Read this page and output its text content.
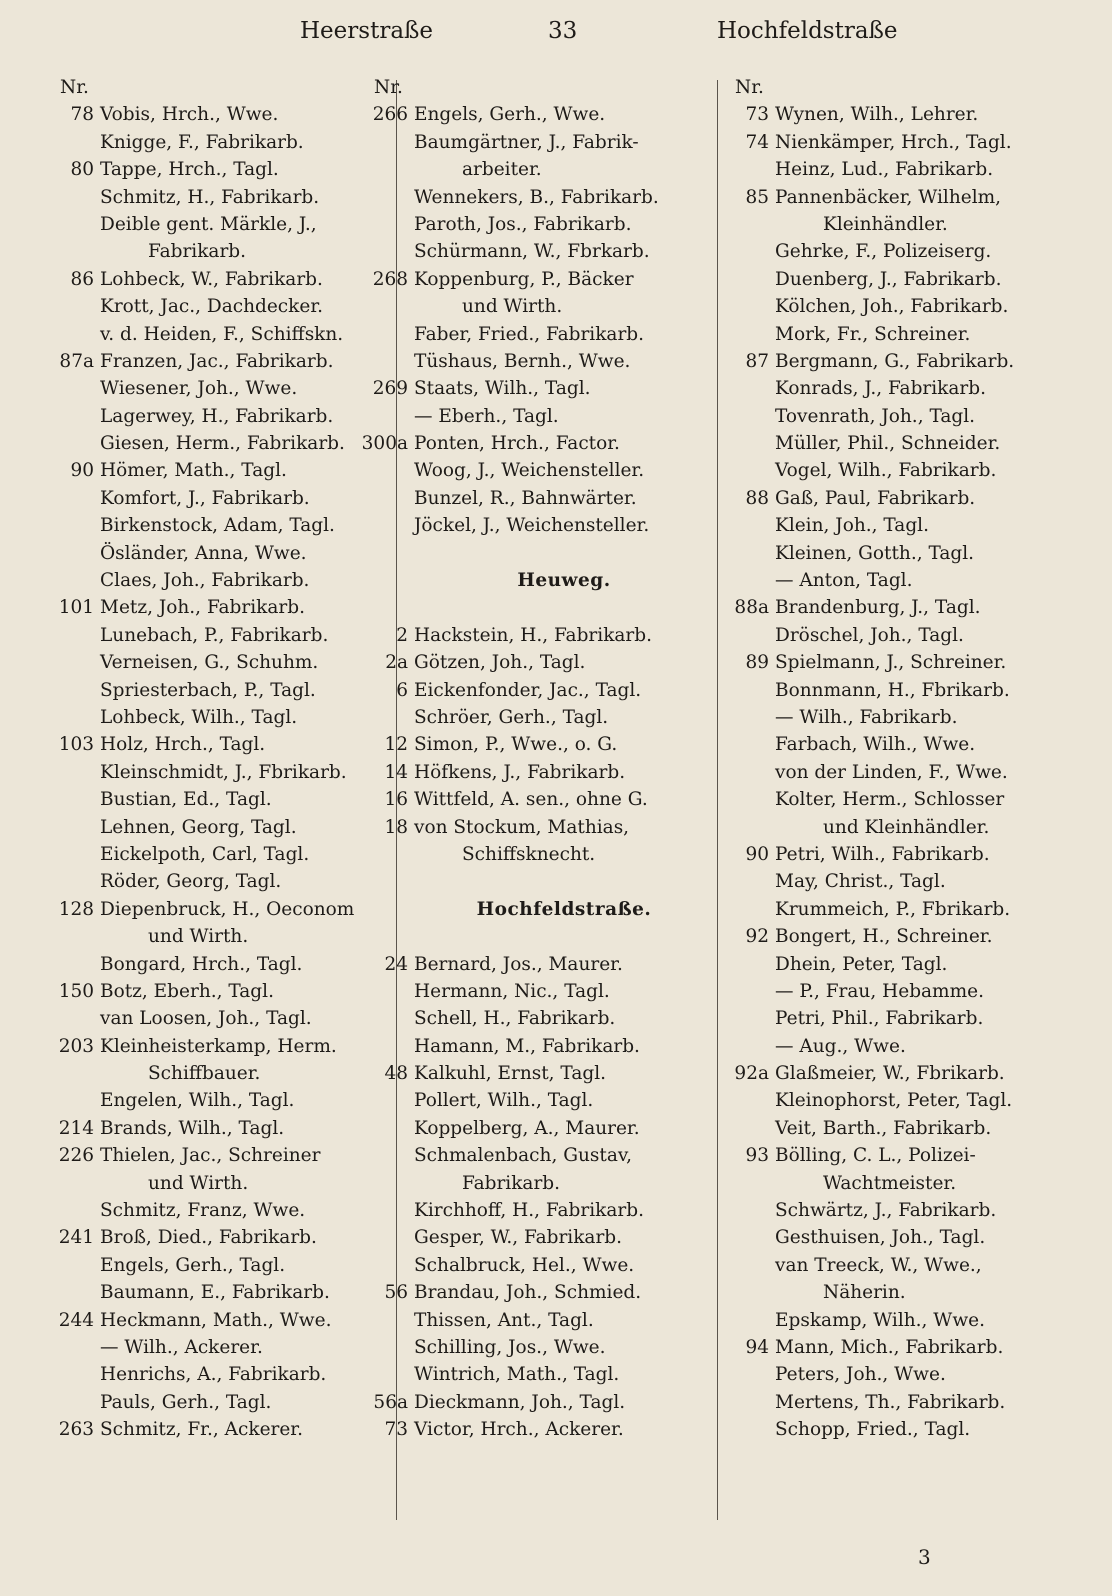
Heerstraße	33	Hochfeldstraße
Nr.
78 Vobis, Hrch., Wwe.
Knigge, F., Fabrikarb.
80 Tappe, Hrch., Tagl.
Schmitz, H., Fabrikarb.
Deible gent. Märkle, J.,
Fabrikarb.
86 Lohbeck, W., Fabrikarb.
Krott, Jac., Dachdecker.
v. d. Heiden, F., Schiffskn.
87a Franzen, Jac., Fabrikarb.
Wiesener, Joh., Wwe.
Lagerwey, H., Fabrikarb.
Giesen, Herm., Fabrikarb.
90 Hömer, Math., Tagl.
Komfort, J., Fabrikarb.
Birkenstock, Adam, Tagl.
Ösländer, Anna, Wwe.
Claes, Joh., Fabrikarb.
101 Metz, Joh., Fabrikarb.
Lunebach, P., Fabrikarb.
Verneisen, G., Schuhm.
Spriesterbach, P., Tagl.
Lohbeck, Wilh., Tagl.
103 Holz, Hrch., Tagl.
Kleinschmidt, J., Fbrikarb.
Bustian, Ed., Tagl.
Lehnen, Georg, Tagl.
Eickelpoth, Carl, Tagl.
Röder, Georg, Tagl.
128 Diepenbruck, H., Oeconom
und Wirth.
Bongard, Hrch., Tagl.
150 Botz, Eberh., Tagl.
van Loosen, Joh., Tagl.
203 Kleinheisterkamp, Herm.
Schiffbauer.
Engelen, Wilh., Tagl.
214 Brands, Wilh., Tagl.
226 Thielen, Jac., Schreiner
und Wirth.
Schmitz, Franz, Wwe.
241 Broß, Died., Fabrikarb.
Engels, Gerh., Tagl.
Baumann, E., Fabrikarb.
244 Heckmann, Math., Wwe.
— Wilh., Ackerer.
Henrichs, A., Fabrikarb.
Pauls, Gerh., Tagl.
263 Schmitz, Fr., Ackerer.
Nr.
266 Engels, Gerh., Wwe.
Baumgärtner, J., Fabrik-
arbeiter.
Wennekers, B., Fabrikarb.
Paroth, Jos., Fabrikarb.
Schürmann, W., Fbrkarb.
268 Koppenburg, P., Bäcker
und Wirth.
Faber, Fried., Fabrikarb.
Tüshaus, Bernh., Wwe.
269 Staats, Wilh., Tagl.
— Eberh., Tagl.
300a Ponten, Hrch., Factor.
Woog, J., Weichensteller.
Bunzel, R., Bahnwärter.
Jöckel, J., Weichensteller.
Heuweg.
2 Hackstein, H., Fabrikarb.
2a Götzen, Joh., Tagl.
6 Eickenfonder, Jac., Tagl.
Schröer, Gerh., Tagl.
12 Simon, P., Wwe., o. G.
14 Höfkens, J., Fabrikarb.
16 Wittfeld, A. sen., ohne G.
18 von Stockum, Mathias,
Schiffsknecht.
Hochfeldstraße.
24 Bernard, Jos., Maurer.
Hermann, Nic., Tagl.
Schell, H., Fabrikarb.
Hamann, M., Fabrikarb.
48 Kalkuhl, Ernst, Tagl.
Pollert, Wilh., Tagl.
Koppelberg, A., Maurer.
Schmalenbach, Gustav,
Fabrikarb.
Kirchhoff, H., Fabrikarb.
Gesper, W., Fabrikarb.
Schalbruck, Hel., Wwe.
56 Brandau, Joh., Schmied.
Thissen, Ant., Tagl.
Schilling, Jos., Wwe.
Wintrich, Math., Tagl.
56a Dieckmann, Joh., Tagl.
73 Victor, Hrch., Ackerer.
Nr.
73 Wynen, Wilh., Lehrer.
74 Nienkämper, Hrch., Tagl.
Heinz, Lud., Fabrikarb.
85 Pannenbäcker, Wilhelm,
Kleinhändler.
Gehrke, F., Polizeiserg.
Duenberg, J., Fabrikarb.
Kölchen, Joh., Fabrikarb.
Mork, Fr., Schreiner.
87 Bergmann, G., Fabrikarb.
Konrads, J., Fabrikarb.
Tovenrath, Joh., Tagl.
Müller, Phil., Schneider.
Vogel, Wilh., Fabrikarb.
88 Gaß, Paul, Fabrikarb.
Klein, Joh., Tagl.
Kleinen, Gotth., Tagl.
— Anton, Tagl.
88a Brandenburg, J., Tagl.
Dröschel, Joh., Tagl.
89 Spielmann, J., Schreiner.
Bonnmann, H., Fbrikarb.
— Wilh., Fabrikarb.
Farbach, Wilh., Wwe.
von der Linden, F., Wwe.
Kolter, Herm., Schlosser
und Kleinhändler.
90 Petri, Wilh., Fabrikarb.
May, Christ., Tagl.
Krummeich, P., Fbrikarb.
92 Bongert, H., Schreiner.
Dhein, Peter, Tagl.
— P., Frau, Hebamme.
Petri, Phil., Fabrikarb.
— Aug., Wwe.
92a Glaßmeier, W., Fbrikarb.
Kleinophorst, Peter, Tagl.
Veit, Barth., Fabrikarb.
93 Bölling, C. L., Polizei-
Wachtmeister.
Schwärtz, J., Fabrikarb.
Gesthuisen, Joh., Tagl.
van Treeck, W., Wwe.,
Näherin.
Epskamp, Wilh., Wwe.
94 Mann, Mich., Fabrikarb.
Peters, Joh., Wwe.
Mertens, Th., Fabrikarb.
Schopp, Fried., Tagl.
3
